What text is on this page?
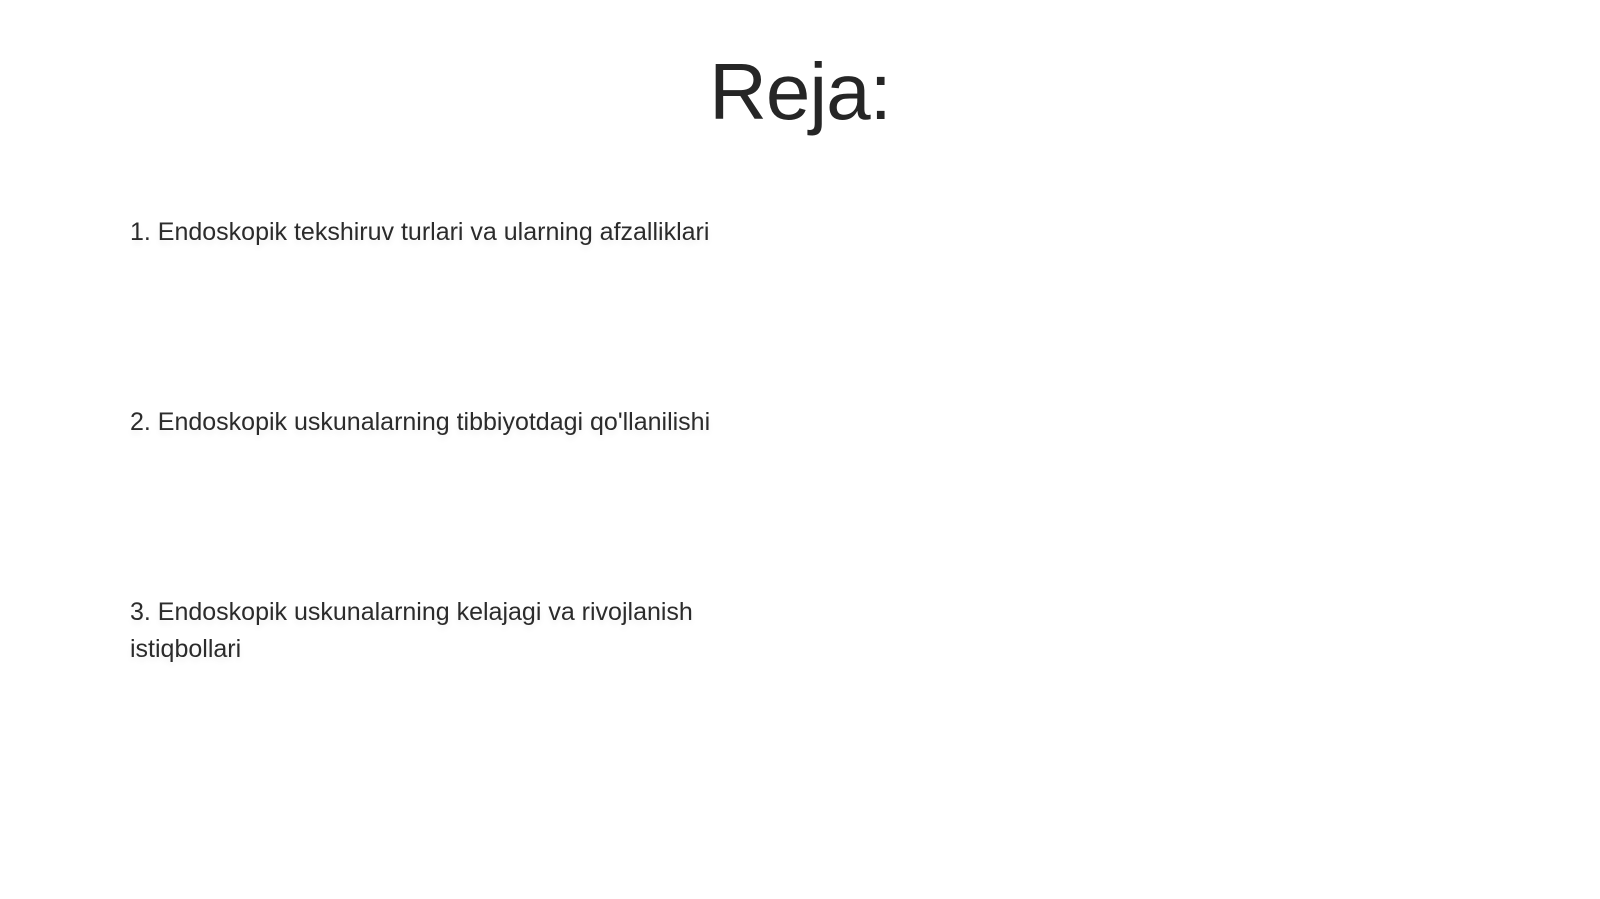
Reja:
1. Endoskopik tekshiruv turlari va ularning afzalliklari
2. Endoskopik uskunalarning tibbiyotdagi qo'llanilishi
3. Endoskopik uskunalarning kelajagi va rivojlanish istiqbollari
